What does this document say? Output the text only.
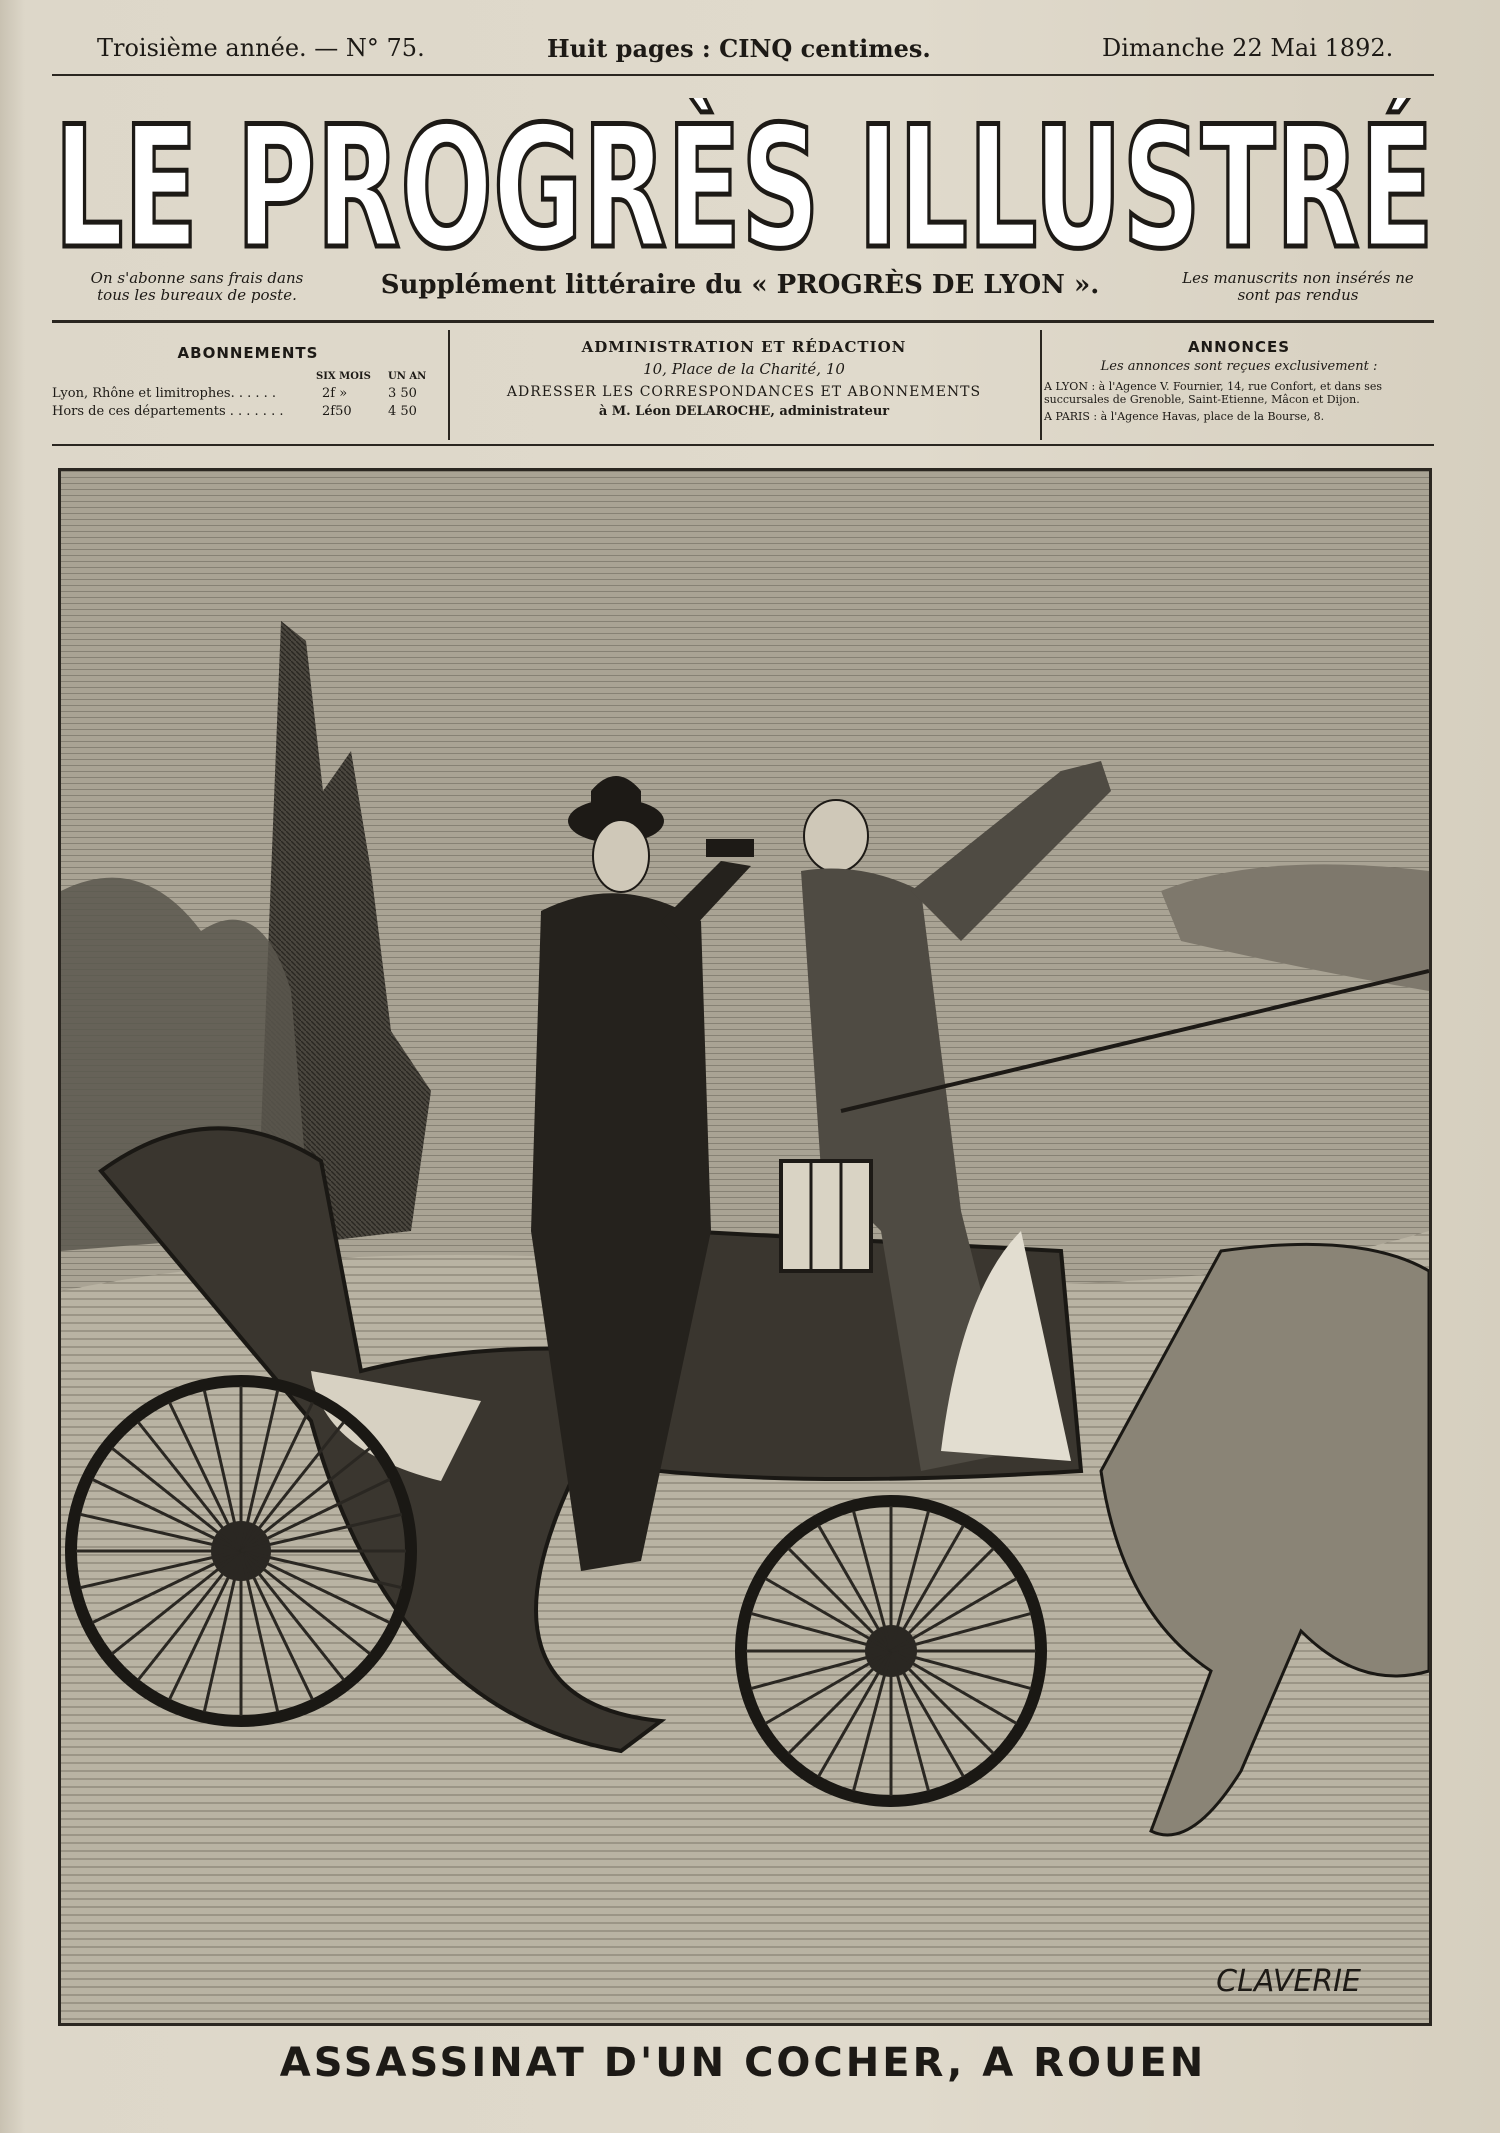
Troisième année. — N° 75.	Huit pages : CINQ centimes.	Dimanche 22 Mai 1892.
LE PROGRÈS ILLUSTRÉ
On s'abonne sans frais dans tous les bureaux de poste.	Supplément littéraire du « PROGRÈS DE LYON ».	Les manuscrits non insérés ne sont pas rendus
ABONNEMENTS
SIX MOIS UN AN
Lyon, Rhône et limitrophes. . . . . .	2f »	3 50
Hors de ces départements . . . . . . .	2f50	4 50
ADMINISTRATION ET RÉDACTION
10, Place de la Charité, 10
ADRESSER LES CORRESPONDANCES ET ABONNEMENTS
à M. Léon DELAROCHE, administrateur
ANNONCES
Les annonces sont reçues exclusivement :
A LYON : à l'Agence V. Fournier, 14, rue Confort, et dans ses succursales de Grenoble, Saint-Etienne, Mâcon et Dijon.
A PARIS : à l'Agence Havas, place de la Bourse, 8.
CLAVERIE
ASSASSINAT D'UN COCHER, A ROUEN
